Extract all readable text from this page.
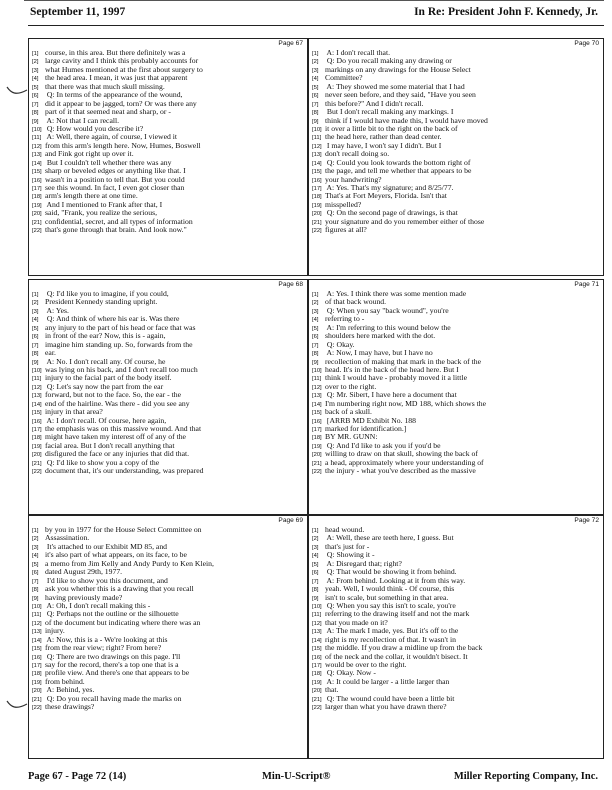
September 11, 1997	In Re: President John F. Kennedy, Jr.
Page 67
[1] course, in this area. But there definitely was a
[2] large cavity and I think this probably accounts for
[3] what Humes mentioned at the first about surgery to
[4] the head area. I mean, it was just that apparent
[5] that there was that much skull missing.
[6] Q: In terms of the appearance of the wound,
[7] did it appear to be jagged, torn? Or was there any
[8] part of it that seemed neat and sharp, or -
[9] A: Not that I can recall.
[10] Q: How would you describe it?
[11] A: Well, there again, of course, I viewed it
[12] from this arm's length here. Now, Humes, Boswell
[13] and Fink got right up over it.
[14] But I couldn't tell whether there was any
[15] sharp or beveled edges or anything like that. I
[16] wasn't in a position to tell that. But you could
[17] see this wound. In fact, I even got closer than
[18] arm's length there at one time.
[19] And I mentioned to Frank after that, I
[20] said, "Frank, you realize the serious,
[21] confidential, secret, and all types of information
[22] that's gone through that brain. And look now."
Page 68
[1] Q: I'd like you to imagine, if you could,
[2] President Kennedy standing upright.
[3] A: Yes.
[4] Q: And think of where his ear is. Was there
[5] any injury to the part of his head or face that was
[6] in front of the ear? Now, this is - again,
[7] imagine him standing up. So, forwards from the
[8] ear.
[9] A: No. I don't recall any. Of course, he
[10] was lying on his back, and I don't recall too much
[11] injury to the facial part of the body itself.
[12] Q: Let's say now the part from the ear
[13] forward, but not to the face. So, the ear - the
[14] end of the hairline. Was there - did you see any
[15] injury in that area?
[16] A: I don't recall. Of course, here again,
[17] the emphasis was on this massive wound. And that
[18] might have taken my interest off of any of the
[19] facial area. But I don't recall anything that
[20] disfigured the face or any injuries that did that.
[21] Q: I'd like to show you a copy of the
[22] document that, it's our understanding, was prepared
Page 69
[1] by you in 1977 for the House Select Committee on
[2] Assassination.
[3] It's attached to our Exhibit MD 85, and
[4] it's also part of what appears, on its face, to be
[5] a memo from Jim Kelly and Andy Purdy to Ken Klein,
[6] dated August 29th, 1977.
[7] I'd like to show you this document, and
[8] ask you whether this is a drawing that you recall
[9] having previously made?
[10] A: Oh, I don't recall making this -
[11] Q: Perhaps not the outline or the silhouette
[12] of the document but indicating where there was an
[13] injury.
[14] A: Now, this is a - We're looking at this
[15] from the rear view; right? From here?
[16] Q: There are two drawings on this page. I'll
[17] say for the record, there's a top one that is a
[18] profile view. And there's one that appears to be
[19] from behind.
[20] A: Behind, yes.
[21] Q: Do you recall having made the marks on
[22] these drawings?
Page 70
[1] A: I don't recall that.
[2] Q: Do you recall making any drawing or
[3] markings on any drawings for the House Select
[4] Committee?
[5] A: They showed me some material that I had
[6] never seen before, and they said, "Have you seen
[7] this before?" And I didn't recall.
[8] But I don't recall making any markings. I
[9] think if I would have made this, I would have moved
[10] it over a little bit to the right on the back of
[11] the head here, rather than dead center.
[12] I may have, I won't say I didn't. But I
[13] don't recall doing so.
[14] Q: Could you look towards the bottom right of
[15] the page, and tell me whether that appears to be
[16] your handwriting?
[17] A: Yes. That's my signature; and 8/25/77.
[18] That's at Fort Meyers, Florida. Isn't that
[19] misspelled?
[20] Q: On the second page of drawings, is that
[21] your signature and do you remember either of those
[22] figures at all?
Page 71
[1] A: Yes. I think there was some mention made
[2] of that back wound.
[3] Q: When you say "back wound", you're
[4] referring to -
[5] A: I'm referring to this wound below the
[6] shoulders here marked with the dot.
[7] Q: Okay.
[8] A: Now, I may have, but I have no
[9] recollection of making that mark in the back of the
[10] head. It's in the back of the head here. But I
[11] think I would have - probably moved it a little
[12] over to the right.
[13] Q: Mr. Sibert, I have here a document that
[14] I'm numbering right now, MD 188, which shows the
[15] back of a skull.
[16] [ARRB MD Exhibit No. 188
[17] marked for identification.]
[18] BY MR. GUNN:
[19] Q: And I'd like to ask you if you'd be
[20] willing to draw on that skull, showing the back of
[21] a head, approximately where your understanding of
[22] the injury - what you've described as the massive
Page 72
[1] head wound.
[2] A: Well, these are teeth here, I guess. But
[3] that's just for -
[4] Q: Showing it -
[5] A: Disregard that; right?
[6] Q: That would be showing it from behind.
[7] A: From behind. Looking at it from this way.
[8] yeah. Well, I would think - Of course, this
[9] isn't to scale, but something in that area.
[10] Q: When you say this isn't to scale, you're
[11] referring to the drawing itself and not the mark
[12] that you made on it?
[13] A: The mark I made, yes. But it's off to the
[14] right is my recollection of that. It wasn't in
[15] the middle. If you draw a midline up from the back
[16] of the neck and the collar, it wouldn't bisect. It
[17] would be over to the right.
[18] Q: Okay. Now -
[19] A: It could be larger - a little larger than
[20] that.
[21] Q: The wound could have been a little bit
[22] larger than what you have drawn there?
Page 67 - Page 72 (14)	Min-U-Script®	Miller Reporting Company, Inc.
